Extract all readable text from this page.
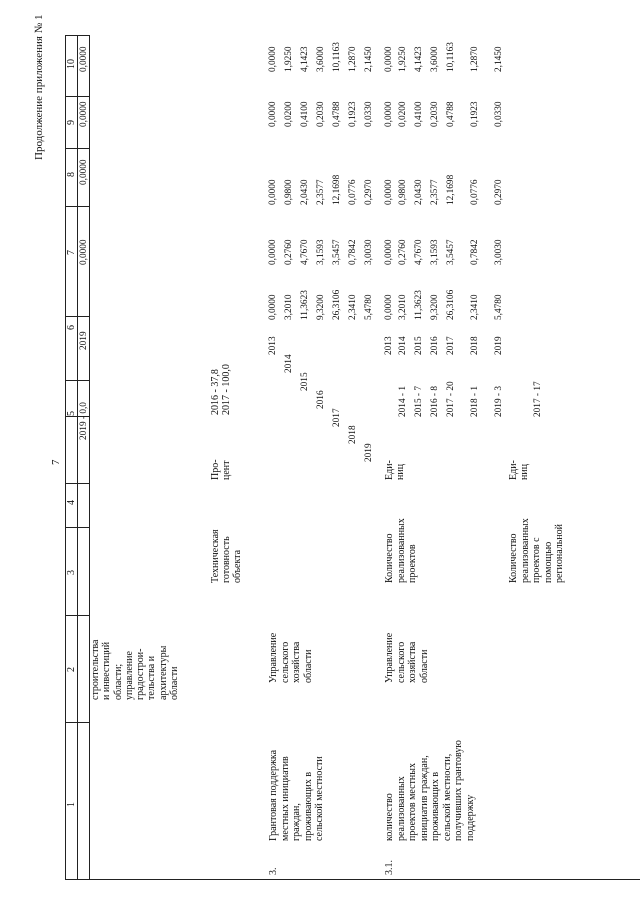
7
Продолжение приложения № 1
1
2
3
4
5
6
7
8
9
10
строительства
и инвестиций
области;
управление
градострои-
тельства и
архитектуры
области
2019 - 0,0
2019
0,0000
0,0000
0,0000
0,0000
Техническая
готовность
объекта
Про-
цент
2016 - 37,8
2017 - 100,0
3.
Грантовая поддержка
местных инициатив
граждан,
проживающих в
сельской местности
Управление
сельского
хозяйства
области
2013
2014
2015
2016
2017
2018
2019
0,0000 3,2010 11,3623 9,3200 26,3106 2,3410 5,4780
0,0000 0,2760 4,7670 3,1593 3,5457 0,7842 3,0030
0,0000 0,9800 2,0430 2,3577 12,1698 0,0776 0,2970
0,0000 0,0200 0,4100 0,2030 0,4788 0,1923 0,0330
0,0000 1,9250 4,1423 3,6000 10,1163 1,2870 2,1450
3.1.
количество
реализованных
проектов местных
инициатив граждан,
проживающих в
сельской местности,
получивших грантовую
поддержку
Управление
сельского
хозяйства
области
Количество
реализованных
проектов
Еди-
ниц
2014 - 1 2015 - 7 2016 - 8 2017 - 20 2018 - 1 2019 - 3
2013 2014 2015 2016 2017 2018 2019
0,0000 3,2010 11,3623 9,3200 26,3106 2,3410 5,4780
0,0000 0,2760 4,7670 3,1593 3,5457 0,7842 3,0030
0,0000 0,9800 2,0430 2,3577 12,1698 0,0776 0,2970
0,0000 0,0200 0,4100 0,2030 0,4788 0,1923 0,0330
0,0000 1,9250 4,1423 3,6000 10,1163 1,2870 2,1450
Количество
реализованных
проектов с
помощью
региональной
Еди-
ниц
2017 - 17
